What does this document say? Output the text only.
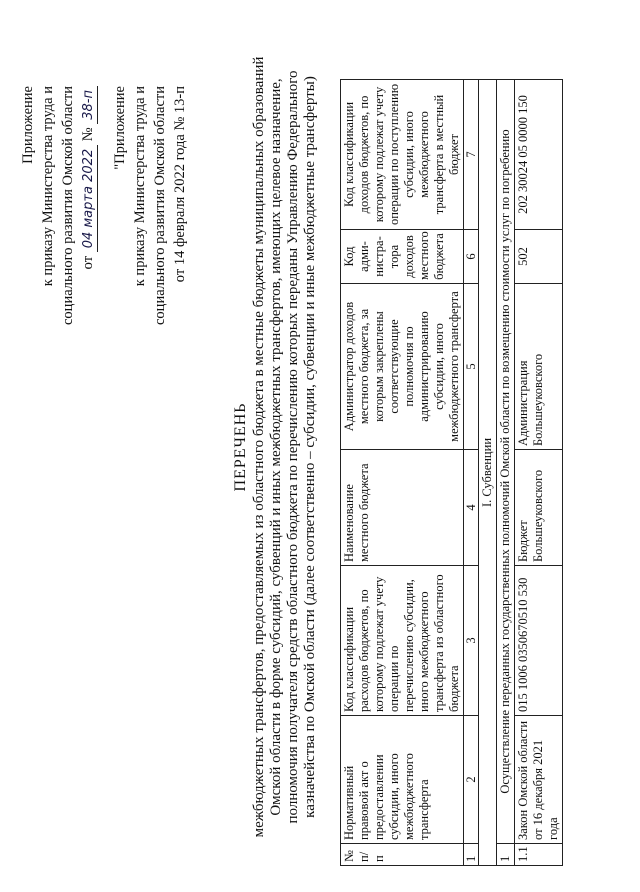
Приложение к приказу Министерства труда и социального развития Омской области от 04 марта 2022 № 38-п "Приложение к приказу Министерства труда и социального развития Омской области от 14 февраля 2022 года № 13-п
ПЕРЕЧЕНЬ межбюджетных трансфертов, предоставляемых из областного бюджета в местные бюджеты муниципальных образований Омской области в форме субсидий, субвенций и иных межбюджетных трансфертов, имеющих целевое назначение, полномочия получателя средств областного бюджета по перечислению которых переданы Управлению Федерального казначейства по Омской области (далее соответственно – субсидии, субвенции и иные межбюджетные трансферты)
№ п/п	Нормативный правовой акт о предоставлении субсидии, иного межбюджетного трансферта	Код классификации расходов бюджетов, по которому подлежат учету операции по перечислению субсидии, иного межбюджетного трансферта из областного бюджета	Наименование местного бюджета	Администратор доходов местного бюджета, за которым закреплены соответствующие полномочия по администрированию субсидии, иного межбюджетного трансферта	Код адми-нистра-тора доходов местного бюджета	Код классификации доходов бюджетов, по которому подлежат учету операции по поступлению субсидии, иного межбюджетного трансферта в местный бюджет
1	2	3	4	5	6	7
I. Субвенции						
1	Осуществление переданных государственных полномочий Омской области по возмещению стоимости услуг по погребению					
1.1	Закон Омской области от 16 декабря 2021 года	015 1006 0350670510 530	Бюджет Большеуковского	Администрация Большеуковского	502	202 30024 05 0000 150
